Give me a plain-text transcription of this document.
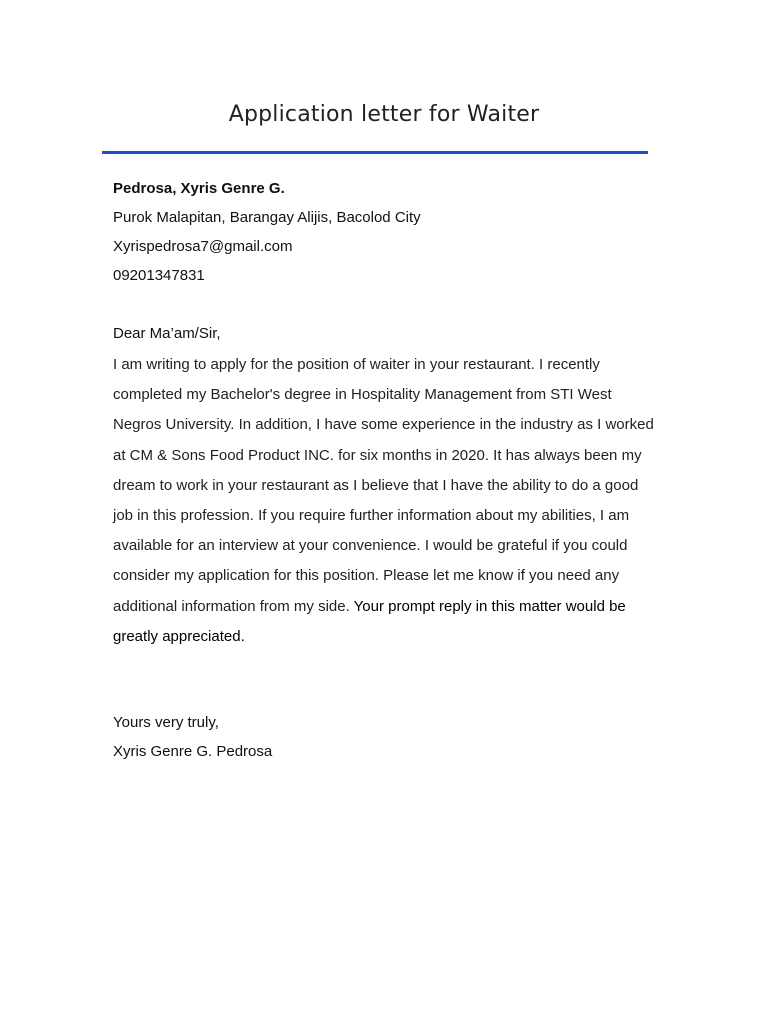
Application letter for Waiter
Pedrosa, Xyris Genre G.
Purok Malapitan, Barangay Alijis, Bacolod City
Xyrispedrosa7@gmail.com
09201347831
Dear Ma’am/Sir,

I am writing to apply for the position of waiter in your restaurant. I recently completed my Bachelor's degree in Hospitality Management from STI West Negros University. In addition, I have some experience in the industry as I worked at CM & Sons Food Product INC. for six months in 2020. It has always been my dream to work in your restaurant as I believe that I have the ability to do a good job in this profession. If you require further information about my abilities, I am available for an interview at your convenience. I would be grateful if you could consider my application for this position. Please let me know if you need any additional information from my side. Your prompt reply in this matter would be greatly appreciated.

Yours very truly,
Xyris Genre G. Pedrosa
